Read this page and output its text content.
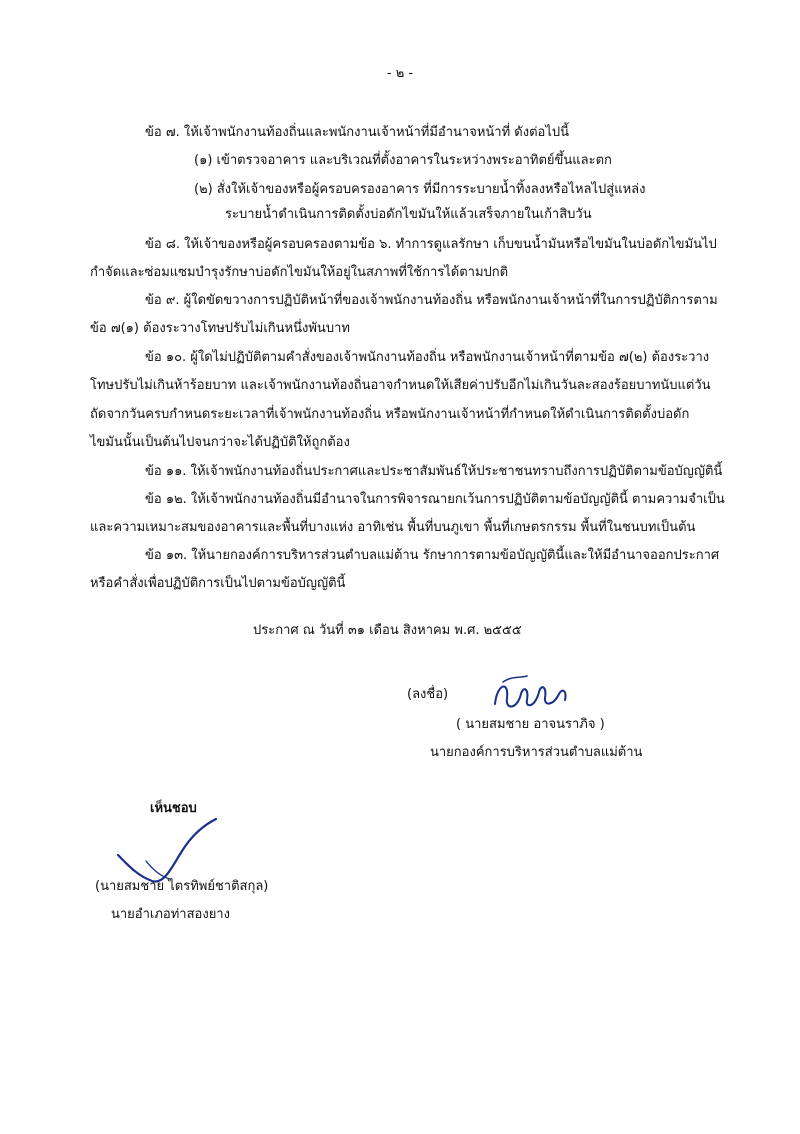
- ๒ -
ข้อ ๗. ให้เจ้าพนักงานท้องถิ่นและพนักงานเจ้าหน้าที่มีอำนาจหน้าที่ ดังต่อไปนี้
(๑) เข้าตรวจอาคาร และบริเวณที่ตั้งอาคารในระหว่างพระอาทิตย์ขึ้นและตก
(๒) สั่งให้เจ้าของหรือผู้ครอบครองอาคาร ที่มีการระบายน้ำทิ้งลงหรือไหลไปสู่แหล่ง
ระบายน้ำดำเนินการติดตั้งบ่อดักไขมันให้แล้วเสร็จภายในเก้าสิบวัน
ข้อ ๘. ให้เจ้าของหรือผู้ครอบครองตามข้อ ๖. ทำการดูแลรักษา เก็บขนน้ำมันหรือไขมันในบ่อดักไขมันไป
กำจัดและซ่อมแซมบำรุงรักษาบ่อดักไขมันให้อยู่ในสภาพที่ใช้การได้ตามปกติ
ข้อ ๙. ผู้ใดขัดขวางการปฏิบัติหน้าที่ของเจ้าพนักงานท้องถิ่น หรือพนักงานเจ้าหน้าที่ในการปฏิบัติการตาม
ข้อ ๗(๑) ต้องระวางโทษปรับไม่เกินหนึ่งพันบาท
ข้อ ๑๐. ผู้ใดไม่ปฏิบัติตามคำสั่งของเจ้าพนักงานท้องถิ่น หรือพนักงานเจ้าหน้าที่ตามข้อ ๗(๒) ต้องระวาง
โทษปรับไม่เกินห้าร้อยบาท และเจ้าพนักงานท้องถิ่นอาจกำหนดให้เสียค่าปรับอีกไม่เกินวันละสองร้อยบาทนับแต่วัน
ถัดจากวันครบกำหนดระยะเวลาที่เจ้าพนักงานท้องถิ่น หรือพนักงานเจ้าหน้าที่กำหนดให้ดำเนินการติดตั้งบ่อดัก
ไขมันนั้นเป็นต้นไปจนกว่าจะได้ปฏิบัติให้ถูกต้อง
ข้อ ๑๑. ให้เจ้าพนักงานท้องถิ่นประกาศและประชาสัมพันธ์ให้ประชาชนทราบถึงการปฏิบัติตามข้อบัญญัตินี้
ข้อ ๑๒. ให้เจ้าพนักงานท้องถิ่นมีอำนาจในการพิจารณายกเว้นการปฏิบัติตามข้อบัญญัตินี้ ตามความจำเป็น
และความเหมาะสมของอาคารและพื้นที่บางแห่ง อาทิเช่น พื้นที่บนภูเขา พื้นที่เกษตรกรรม พื้นที่ในชนบทเป็นต้น
ข้อ ๑๓. ให้นายกองค์การบริหารส่วนตำบลแม่ต้าน รักษาการตามข้อบัญญัตินี้และให้มีอำนาจออกประกาศ
หรือคำสั่งเพื่อปฏิบัติการเป็นไปตามข้อบัญญัตินี้
ประกาศ ณ วันที่ ๓๑ เดือน สิงหาคม พ.ศ. ๒๕๕๕
(ลงชื่อ)
( นายสมชาย อาจนราภิจ )
นายกองค์การบริหารส่วนตำบลแม่ต้าน
เห็นชอบ
(นายสมชาย ไตรทิพย์ชาติสกุล)
นายอำเภอท่าสองยาง
